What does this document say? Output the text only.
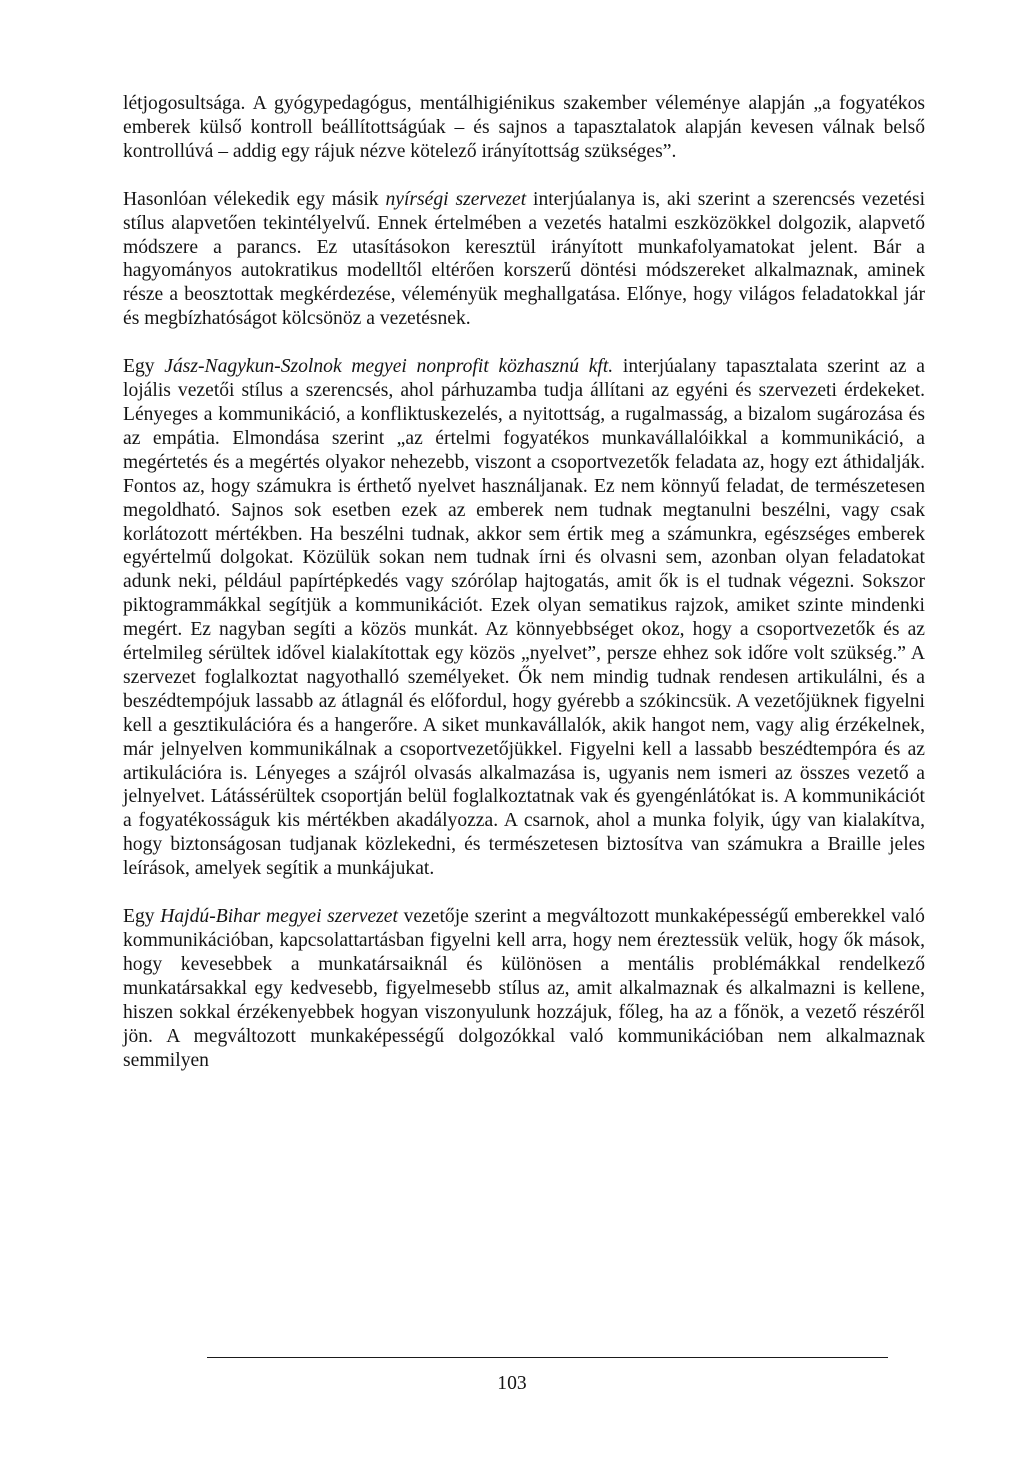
létjogosultsága. A gyógypedagógus, mentálhigiénikus szakember véleménye alapján „a fogyatékos emberek külső kontroll beállítottságúak – és sajnos a tapasztalatok alapján kevesen válnak belső kontrollúvá – addig egy rájuk nézve kötelező irányítottság szükséges”.

Hasonlóan vélekedik egy másik nyírségi szervezet interjúalanya is, aki szerint a szerencsés vezetési stílus alapvetően tekintélyelvű. Ennek értelmében a vezetés hatalmi eszközökkel dolgozik, alapvető módszere a parancs. Ez utasításokon keresztül irányított munkafolyamatokat jelent. Bár a hagyományos autokratikus modelltől eltérően korszerű döntési módszereket alkalmaznak, aminek része a beosztottak megkérdezése, véleményük meghallgatása. Előnye, hogy világos feladatokkal jár és megbízhatóságot kölcsönöz a vezetésnek.

Egy Jász-Nagykun-Szolnok megyei nonprofit közhasznú kft. interjúalany tapasztalata szerint az a lojális vezetői stílus a szerencsés, ahol párhuzamba tudja állítani az egyéni és szervezeti érdekeket. Lényeges a kommunikáció, a konfliktuskezelés, a nyitottság, a rugalmasság, a bizalom sugározása és az empátia. Elmondása szerint „az értelmi fogyatékos munkavállalóikkal a kommunikáció, a megértetés és a megértés olyakor nehezebb, viszont a csoportvezetők feladata az, hogy ezt áthidalják. Fontos az, hogy számukra is érthető nyelvet használjanak. Ez nem könnyű feladat, de természetesen megoldható. Sajnos sok esetben ezek az emberek nem tudnak megtanulni beszélni, vagy csak korlátozott mértékben. Ha beszélni tudnak, akkor sem értik meg a számunkra, egészséges emberek egyértelmű dolgokat. Közülük sokan nem tudnak írni és olvasni sem, azonban olyan feladatokat adunk neki, például papírtépkedés vagy szórólap hajtogatás, amit ők is el tudnak végezni. Sokszor piktogrammákkal segítjük a kommunikációt. Ezek olyan sematikus rajzok, amiket szinte mindenki megért. Ez nagyban segíti a közös munkát. Az könnyebbséget okoz, hogy a csoportvezetők és az értelmileg sérültek idővel kialakítottak egy közös „nyelvet”, persze ehhez sok időre volt szükség.” A szervezet foglalkoztat nagyothalló személyeket. Ők nem mindig tudnak rendesen artikulálni, és a beszédtempójuk lassabb az átlagnál és előfordul, hogy gyérebb a szókincsük. A vezetőjüknek figyelni kell a gesztikulációra és a hangerőre. A siket munkavállalók, akik hangot nem, vagy alig érzékelnek, már jelnyelven kommunikálnak a csoportvezetőjükkel. Figyelni kell a lassabb beszédtempóra és az artikulációra is. Lényeges a szájról olvasás alkalmazása is, ugyanis nem ismeri az összes vezető a jelnyelvet. Látássérültek csoportján belül foglalkoztatnak vak és gyengénlátókat is. A kommunikációt a fogyatékosságuk kis mértékben akadályozza. A csarnok, ahol a munka folyik, úgy van kialakítva, hogy biztonságosan tudjanak közlekedni, és természetesen biztosítva van számukra a Braille jeles leírások, amelyek segítik a munkájukat.

Egy Hajdú-Bihar megyei szervezet vezetője szerint a megváltozott munkaképességű emberekkel való kommunikációban, kapcsolattartásban figyelni kell arra, hogy nem éreztessük velük, hogy ők mások, hogy kevesebbek a munkatársaiknál és különösen a mentális problémákkal rendelkező munkatársakkal egy kedvesebb, figyelmesebb stílus az, amit alkalmaznak és alkalmazni is kellene, hiszen sokkal érzékenyebbek hogyan viszonyulunk hozzájuk, főleg, ha az a főnök, a vezető részéről jön. A megváltozott munkaképességű dolgozókkal való kommunikációban nem alkalmaznak semmilyen

103
